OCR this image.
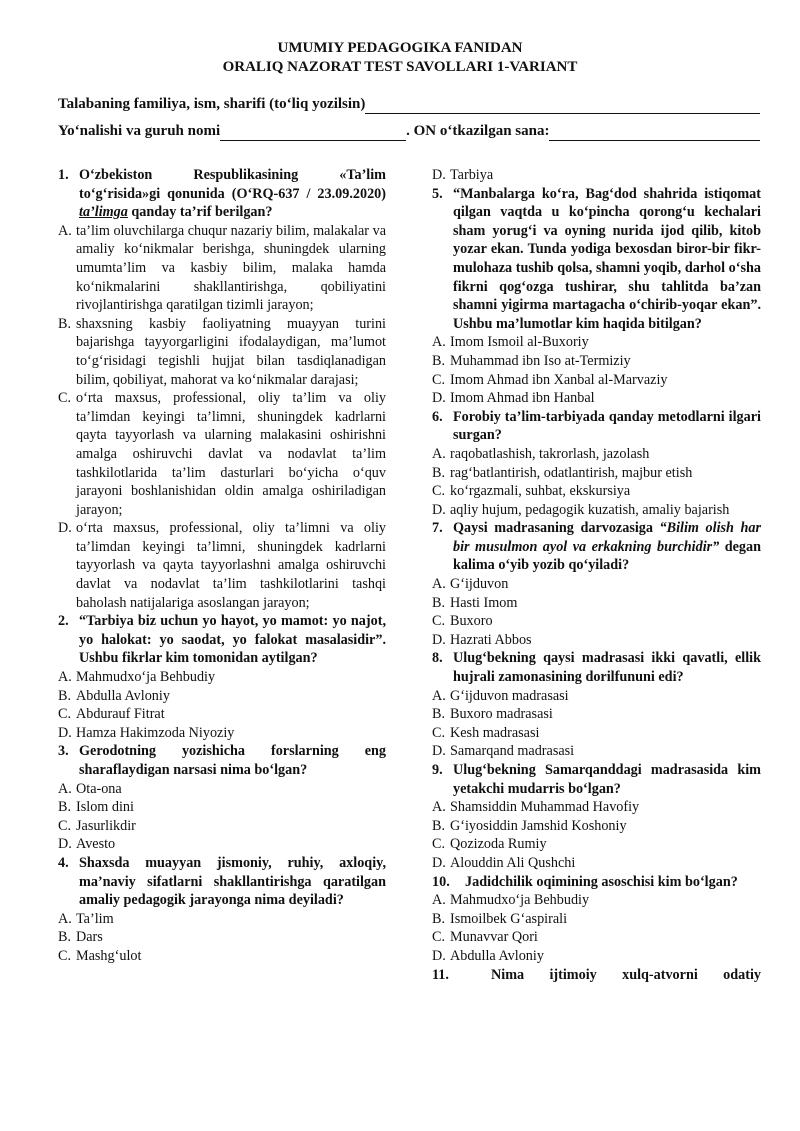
UMUMIY PEDAGOGIKA FANIDAN
ORALIQ NAZORAT TEST SAVOLLARI 1-VARIANT
Talabaning familiya, ism, sharifi (to‘liq yozilsin)
Yo‘nalishi va guruh nomi	. ON o‘tkazilgan sana:
1. O‘zbekiston Respublikasining «Ta’lim to‘g‘risida»gi qonunida (O‘RQ-637 / 23.09.2020) ta’limga qanday ta’rif berilgan?
A. ta’lim oluvchilarga chuqur nazariy bilim, malakalar va amaliy ko‘nikmalar berishga, shuningdek ularning umumta’lim va kasbiy bilim, malaka hamda ko‘nikmalarini shakllantirishga, qobiliyatini rivojlantirishga qaratilgan tizimli jarayon;
B. shaxsning kasbiy faoliyatning muayyan turini bajarishga tayyorgarligini ifodalaydigan, ma’lumot to‘g‘risidagi tegishli hujjat bilan tasdiqlanadigan bilim, qobiliyat, mahorat va ko‘nikmalar darajasi;
C. o‘rta maxsus, professional, oliy ta’lim va oliy ta’limdan keyingi ta’limni, shuningdek kadrlarni qayta tayyorlash va ularning malakasini oshirishni amalga oshiruvchi davlat va nodavlat ta’lim tashkilotlarida ta’lim dasturlari bo‘yicha o‘quv jarayoni boshlanishidan oldin amalga oshiriladigan jarayon;
D. o‘rta maxsus, professional, oliy ta’limni va oliy ta’limdan keyingi ta’limni, shuningdek kadrlarni tayyorlash va qayta tayyorlashni amalga oshiruvchi davlat va nodavlat ta’lim tashkilotlarini tashqi baholash natijalariga asoslangan jarayon;
2. “Tarbiya biz uchun yo hayot, yo mamot: yo najot, yo halokat: yo saodat, yo falokat masalasidir”. Ushbu fikrlar kim tomonidan aytilgan?
A. Mahmudxo‘ja Behbudiy
B. Abdulla Avloniy
C. Abdurauf Fitrat
D. Hamza Hakimzoda Niyoziy
3. Gerodotning yozishicha forslarning eng sharaflaydigan narsasi nima bo‘lgan?
A. Ota-ona
B. Islom dini
C. Jasurlikdir
D. Avesto
4. Shaxsda muayyan jismoniy, ruhiy, axloqiy, ma’naviy sifatlarni shakllantirishga qaratilgan amaliy pedagogik jarayonga nima deyiladi?
A. Ta’lim
B. Dars
C. Mashg‘ulot
D. Tarbiya
5. “Manbalarga ko‘ra, Bag‘dod shahrida istiqomat qilgan vaqtda u ko‘pincha qorong‘u kechalari sham yorug‘i va oyning nurida ijod qilib, kitob yozar ekan. Tunda yodiga bexosdan biror-bir fikr-mulohaza tushib qolsa, shamni yoqib, darhol o‘sha fikrni qog‘ozga tushirar, shu tahlitda ba’zan shamni yigirma martagacha o‘chirib-yoqar ekan”. Ushbu ma’lumotlar kim haqida bitilgan?
A. Imom Ismoil al-Buxoriy
B. Muhammad ibn Iso at-Termiziy
C. Imom Ahmad ibn Xanbal al-Marvaziy
D. Imom Ahmad ibn Hanbal
6. Forobiy ta’lim-tarbiyada qanday metodlarni ilgari surgan?
A. raqobatlashish, takrorlash, jazolash
B. rag‘batlantirish, odatlantirish, majbur etish
C. ko‘rgazmali, suhbat, ekskursiya
D. aqliy hujum, pedagogik kuzatish, amaliy bajarish
7. Qaysi madrasaning darvozasiga “Bilim olish har bir musulmon ayol va erkakning burchidir” degan kalima o‘yib yozib qo‘yiladi?
A. G‘ijduvon
B. Hasti Imom
C. Buxoro
D. Hazrati Abbos
8. Ulug‘bekning qaysi madrasasi ikki qavatli, ellik hujrali zamonasining dorilfununi edi?
A. G‘ijduvon madrasasi
B. Buxoro madrasasi
C. Kesh madrasasi
D. Samarqand madrasasi
9. Ulug‘bekning Samarqanddagi madrasasida kim yetakchi mudarris bo‘lgan?
A. Shamsiddin Muhammad Havofiy
B. G‘iyosiddin Jamshid Koshoniy
C. Qozizoda Rumiy
D. Alouddin Ali Qushchi
10.	Jadidchilik oqimining asoschisi kim bo‘lgan?
A. Mahmudxo‘ja Behbudiy
B. Ismoilbek G‘aspirali
C. Munavvar Qori
D. Abdulla Avloniy
11.	Nima ijtimoiy xulq-atvorni odatiy
